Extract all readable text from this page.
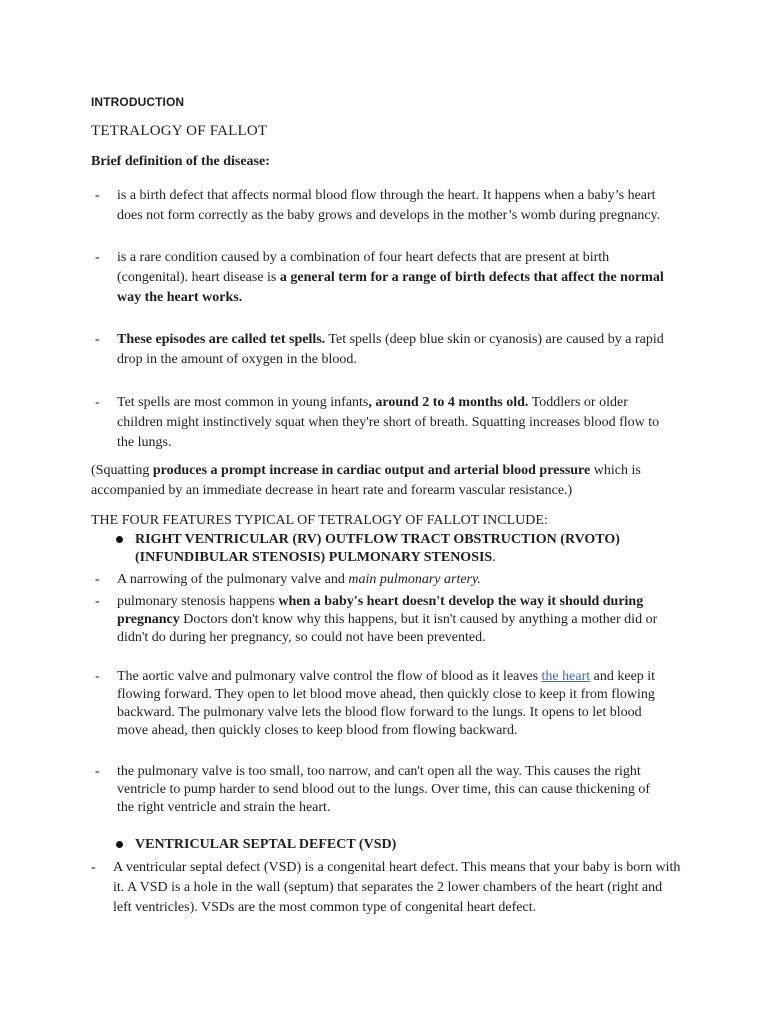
INTRODUCTION
TETRALOGY OF FALLOT
Brief definition of the disease:
- is a birth defect that affects normal blood flow through the heart. It happens when a baby’s heart does not form correctly as the baby grows and develops in the mother’s womb during pregnancy.
- is a rare condition caused by a combination of four heart defects that are present at birth (congenital). heart disease is a general term for a range of birth defects that affect the normal way the heart works.
- These episodes are called tet spells. Tet spells (deep blue skin or cyanosis) are caused by a rapid drop in the amount of oxygen in the blood.
- Tet spells are most common in young infants, around 2 to 4 months old. Toddlers or older children might instinctively squat when they're short of breath. Squatting increases blood flow to the lungs.
(Squatting produces a prompt increase in cardiac output and arterial blood pressure which is accompanied by an immediate decrease in heart rate and forearm vascular resistance.)
THE FOUR FEATURES TYPICAL OF TETRALOGY OF FALLOT INCLUDE:
RIGHT VENTRICULAR (RV) OUTFLOW TRACT OBSTRUCTION (RVOTO)
(INFUNDIBULAR STENOSIS) PULMONARY STENOSIS.
- A narrowing of the pulmonary valve and main pulmonary artery.
- pulmonary stenosis happens when a baby's heart doesn't develop the way it should during pregnancy Doctors don't know why this happens, but it isn't caused by anything a mother did or didn't do during her pregnancy, so could not have been prevented.
- The aortic valve and pulmonary valve control the flow of blood as it leaves the heart and keep it flowing forward. They open to let blood move ahead, then quickly close to keep it from flowing backward. The pulmonary valve lets the blood flow forward to the lungs. It opens to let blood move ahead, then quickly closes to keep blood from flowing backward.
- the pulmonary valve is too small, too narrow, and can't open all the way. This causes the right ventricle to pump harder to send blood out to the lungs. Over time, this can cause thickening of the right ventricle and strain the heart.
VENTRICULAR SEPTAL DEFECT (VSD)
- A ventricular septal defect (VSD) is a congenital heart defect. This means that your baby is born with it. A VSD is a hole in the wall (septum) that separates the 2 lower chambers of the heart (right and left ventricles). VSDs are the most common type of congenital heart defect.
